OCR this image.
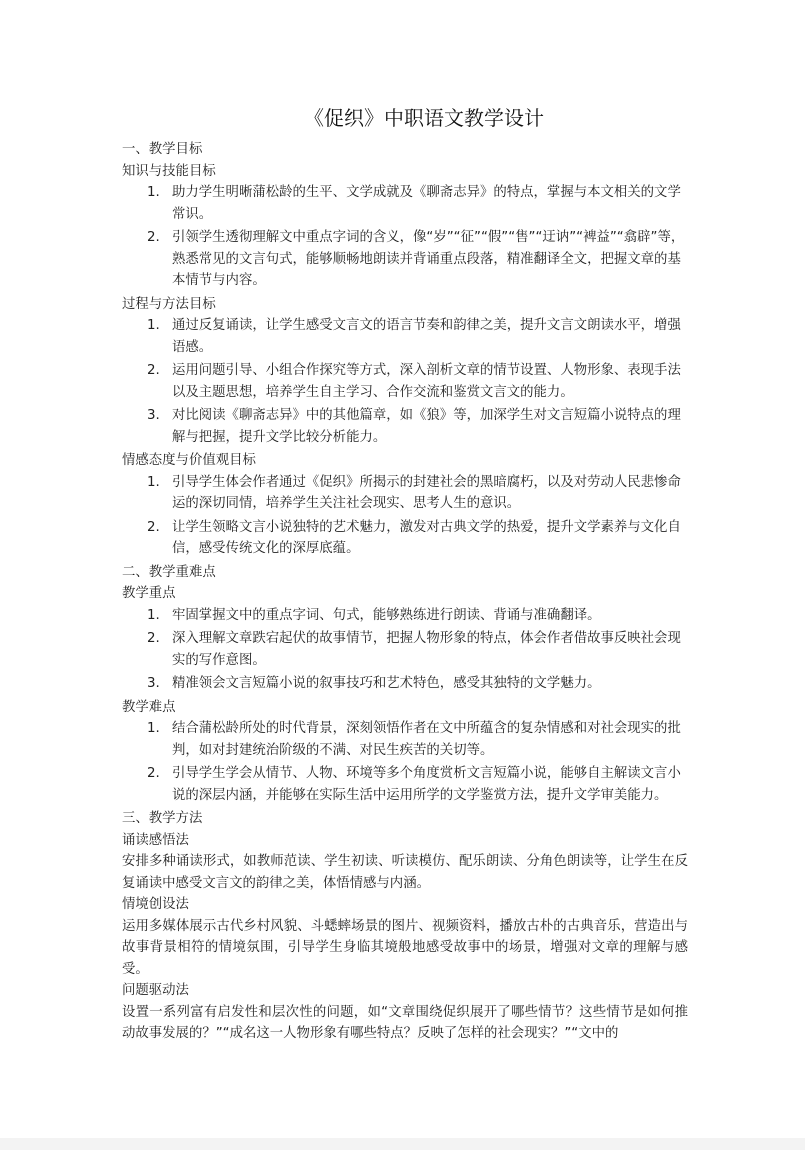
《促织》中职语文教学设计

一、教学目标

知识与技能目标

1. 助力学生明晰蒲松龄的生平、文学成就及《聊斋志异》的特点，掌握与本文相关的文学常识。
2. 引领学生透彻理解文中重点字词的含义，像“岁”“征”“假”“售”“迂讷”“裨益”“翕辟”等，熟悉常见的文言句式，能够顺畅地朗读并背诵重点段落，精准翻译全文，把握文章的基本情节与内容。

过程与方法目标

1. 通过反复诵读，让学生感受文言文的语言节奏和韵律之美，提升文言文朗读水平，增强语感。
2. 运用问题引导、小组合作探究等方式，深入剖析文章的情节设置、人物形象、表现手法以及主题思想，培养学生自主学习、合作交流和鉴赏文言文的能力。
3. 对比阅读《聊斋志异》中的其他篇章，如《狼》等，加深学生对文言短篇小说特点的理解与把握，提升文学比较分析能力。

情感态度与价值观目标

1. 引导学生体会作者通过《促织》所揭示的封建社会的黑暗腐朽，以及对劳动人民悲惨命运的深切同情，培养学生关注社会现实、思考人生的意识。
2. 让学生领略文言小说独特的艺术魅力，激发对古典文学的热爱，提升文学素养与文化自信，感受传统文化的深厚底蕴。

二、教学重难点

教学重点

1. 牢固掌握文中的重点字词、句式，能够熟练进行朗读、背诵与准确翻译。
2. 深入理解文章跌宕起伏的故事情节，把握人物形象的特点，体会作者借故事反映社会现实的写作意图。
3. 精准领会文言短篇小说的叙事技巧和艺术特色，感受其独特的文学魅力。

教学难点

1. 结合蒲松龄所处的时代背景，深刻领悟作者在文中所蕴含的复杂情感和对社会现实的批判，如对封建统治阶级的不满、对民生疾苦的关切等。
2. 引导学生学会从情节、人物、环境等多个角度赏析文言短篇小说，能够自主解读文言小说的深层内涵，并能够在实际生活中运用所学的文学鉴赏方法，提升文学审美能力。

三、教学方法

诵读感悟法

安排多种诵读形式，如教师范读、学生初读、听读模仿、配乐朗读、分角色朗读等，让学生在反复诵读中感受文言文的韵律之美，体悟情感与内涵。

情境创设法

运用多媒体展示古代乡村风貌、斗蟋蟀场景的图片、视频资料，播放古朴的古典音乐，营造出与故事背景相符的情境氛围，引导学生身临其境般地感受故事中的场景，增强对文章的理解与感受。

问题驱动法

设置一系列富有启发性和层次性的问题，如“文章围绕促织展开了哪些情节？这些情节是如何推动故事发展的？”“成名这一人物形象有哪些特点？反映了怎样的社会现实？”“文中的
